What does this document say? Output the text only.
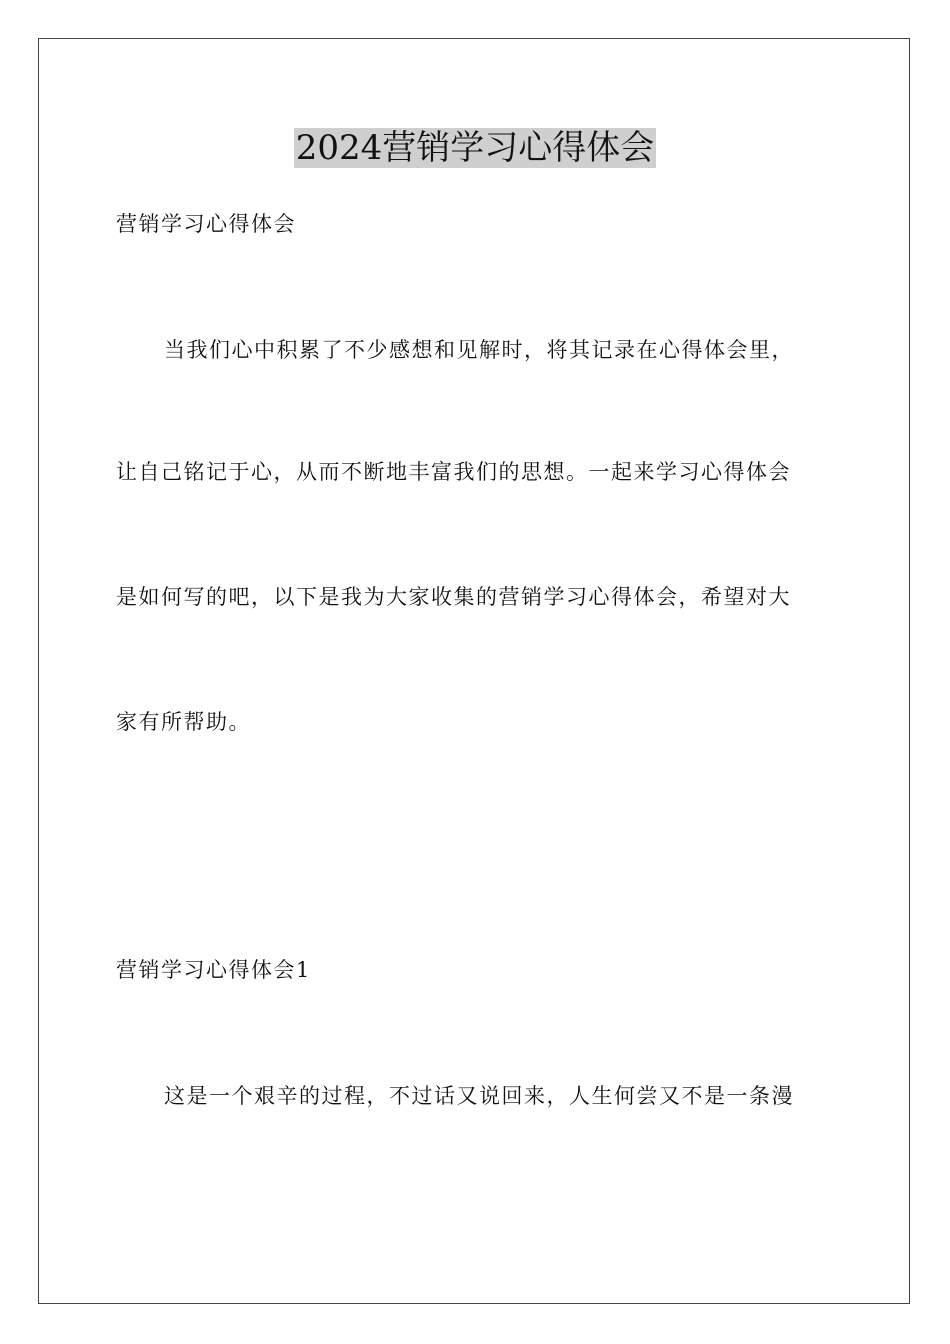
2024营销学习心得体会
营销学习心得体会
当我们心中积累了不少感想和见解时，将其记录在心得体会里，
让自己铭记于心，从而不断地丰富我们的思想。一起来学习心得体会
是如何写的吧，以下是我为大家收集的营销学习心得体会，希望对大
家有所帮助。
营销学习心得体会1
这是一个艰辛的过程，不过话又说回来，人生何尝又不是一条漫
